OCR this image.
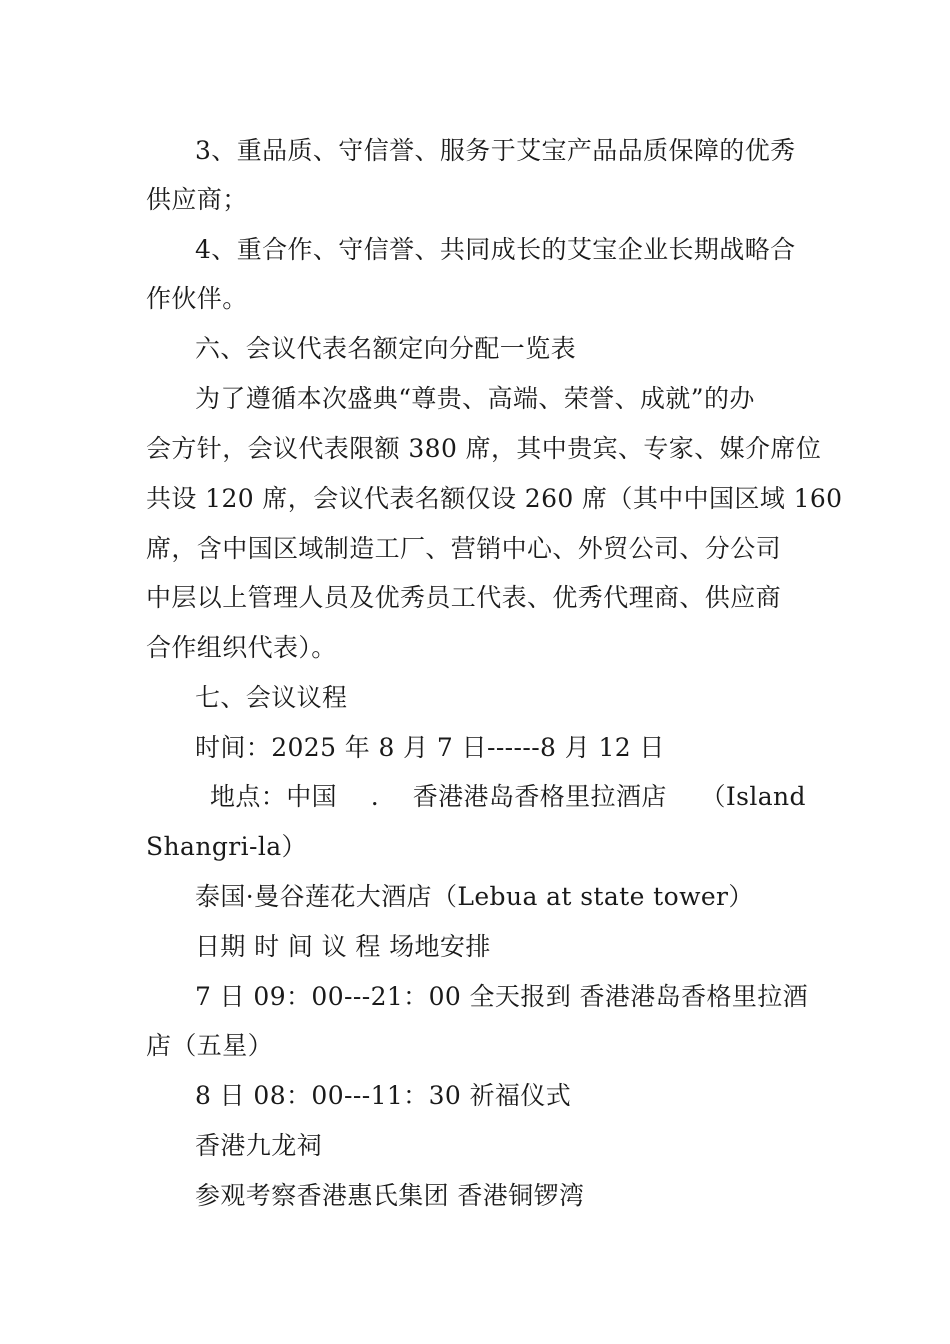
3、重品质、守信誉、服务于艾宝产品品质保障的优秀
供应商；
4、重合作、守信誉、共同成长的艾宝企业长期战略合
作伙伴。
六、会议代表名额定向分配一览表
为了遵循本次盛典“尊贵、高端、荣誉、成就”的办
会方针，会议代表限额 380 席，其中贵宾、专家、媒介席位
共设 120 席，会议代表名额仅设 260 席（其中中国区域 160
席，含中国区域制造工厂、营销中心、外贸公司、分公司
中层以上管理人员及优秀员工代表、优秀代理商、供应商
合作组织代表）。
七、会议议程
时间：2025 年 8 月 7 日------8 月 12 日
地点：中国 . 香港港岛香格里拉酒店 （Island
Shangri-la）
泰国·曼谷莲花大酒店（Lebua at state tower）
日期 时 间 议 程 场地安排
7 日 09：00---21：00 全天报到 香港港岛香格里拉酒
店（五星）
8 日 08：00---11：30 祈福仪式
香港九龙祠
参观考察香港惠氏集团 香港铜锣湾
